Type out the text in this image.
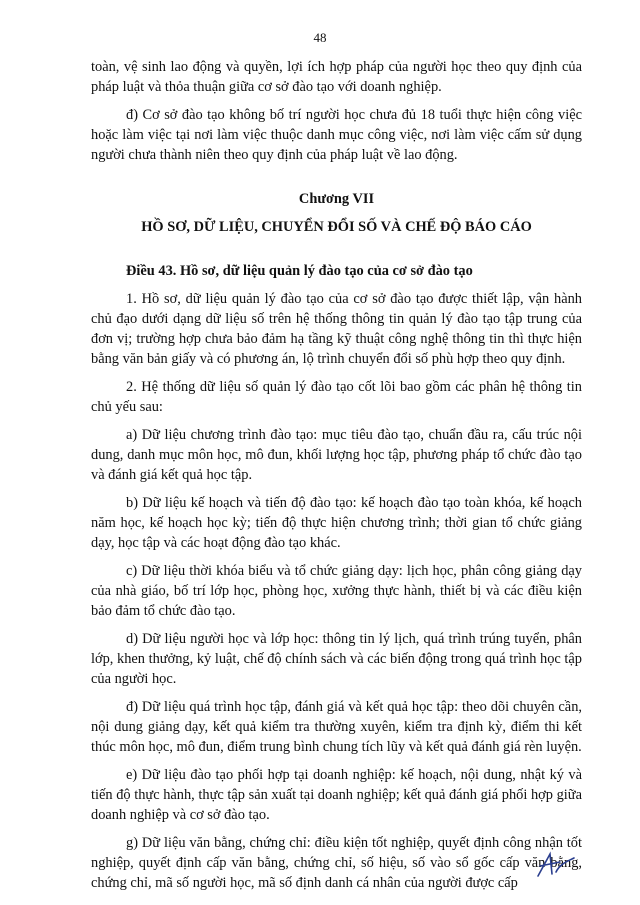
48

toàn, vệ sinh lao động và quyền, lợi ích hợp pháp của người học theo quy định của pháp luật và thỏa thuận giữa cơ sở đào tạo với doanh nghiệp.

đ) Cơ sở đào tạo không bố trí người học chưa đủ 18 tuổi thực hiện công việc hoặc làm việc tại nơi làm việc thuộc danh mục công việc, nơi làm việc cấm sử dụng người chưa thành niên theo quy định của pháp luật về lao động.

Chương VII
HỒ SƠ, DỮ LIỆU, CHUYỂN ĐỔI SỐ VÀ CHẾ ĐỘ BÁO CÁO
Điều 43. Hồ sơ, dữ liệu quản lý đào tạo của cơ sở đào tạo

1. Hồ sơ, dữ liệu quản lý đào tạo của cơ sở đào tạo được thiết lập, vận hành chủ đạo dưới dạng dữ liệu số trên hệ thống thông tin quản lý đào tạo tập trung của đơn vị; trường hợp chưa bảo đảm hạ tầng kỹ thuật công nghệ thông tin thì thực hiện bằng văn bản giấy và có phương án, lộ trình chuyển đổi số phù hợp theo quy định.

2. Hệ thống dữ liệu số quản lý đào tạo cốt lõi bao gồm các phân hệ thông tin chủ yếu sau:

a) Dữ liệu chương trình đào tạo: mục tiêu đào tạo, chuẩn đầu ra, cấu trúc nội dung, danh mục môn học, mô đun, khối lượng học tập, phương pháp tổ chức đào tạo và đánh giá kết quả học tập.

b) Dữ liệu kế hoạch và tiến độ đào tạo: kế hoạch đào tạo toàn khóa, kế hoạch năm học, kế hoạch học kỳ; tiến độ thực hiện chương trình; thời gian tổ chức giảng dạy, học tập và các hoạt động đào tạo khác.

c) Dữ liệu thời khóa biểu và tổ chức giảng dạy: lịch học, phân công giảng dạy của nhà giáo, bố trí lớp học, phòng học, xưởng thực hành, thiết bị và các điều kiện bảo đảm tổ chức đào tạo.

d) Dữ liệu người học và lớp học: thông tin lý lịch, quá trình trúng tuyển, phân lớp, khen thưởng, kỷ luật, chế độ chính sách và các biến động trong quá trình học tập của người học.

đ) Dữ liệu quá trình học tập, đánh giá và kết quả học tập: theo dõi chuyên cần, nội dung giảng dạy, kết quả kiểm tra thường xuyên, kiểm tra định kỳ, điểm thi kết thúc môn học, mô đun, điểm trung bình chung tích lũy và kết quả đánh giá rèn luyện.

e) Dữ liệu đào tạo phối hợp tại doanh nghiệp: kế hoạch, nội dung, nhật ký và tiến độ thực hành, thực tập sản xuất tại doanh nghiệp; kết quả đánh giá phối hợp giữa doanh nghiệp và cơ sở đào tạo.

g) Dữ liệu văn bằng, chứng chỉ: điều kiện tốt nghiệp, quyết định công nhận tốt nghiệp, quyết định cấp văn bằng, chứng chỉ, số hiệu, số vào sổ gốc cấp văn bằng, chứng chỉ, mã số người học, mã số định danh cá nhân của người được cấp
